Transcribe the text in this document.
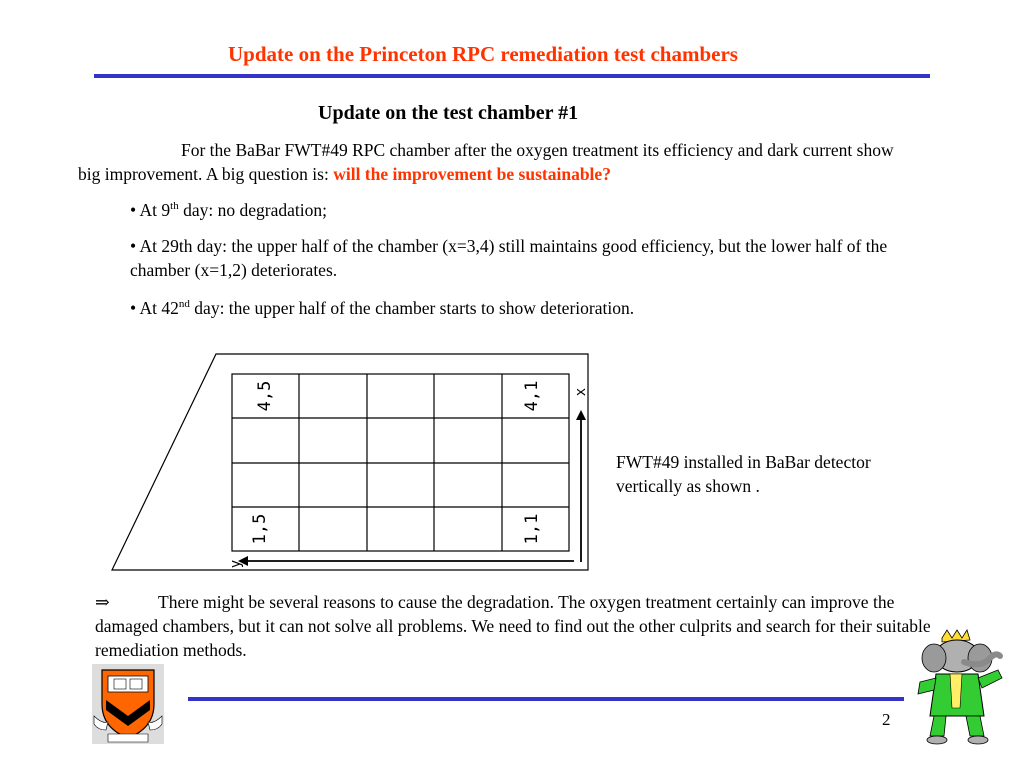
Update on the Princeton RPC remediation test chambers
Update on the test chamber #1
For the BaBar FWT#49 RPC chamber after the oxygen treatment its efficiency and dark current show big improvement. A big question is: will the improvement be sustainable?
• At 9th day: no degradation;
• At 29th day: the upper half of the chamber (x=3,4) still maintains good efficiency, but the lower half of the chamber (x=1,2) deteriorates.
• At 42nd day: the upper half of the chamber starts to show deterioration.
4,5	4,1
1,5	1,1
x
y
FWT#49 installed in BaBar detector vertically as shown .
⇒	There might be several reasons to cause the degradation. The oxygen treatment certainly can improve the damaged chambers, but it can not solve all problems. We need to find out the other culprits and search for their suitable remediation methods.
2
